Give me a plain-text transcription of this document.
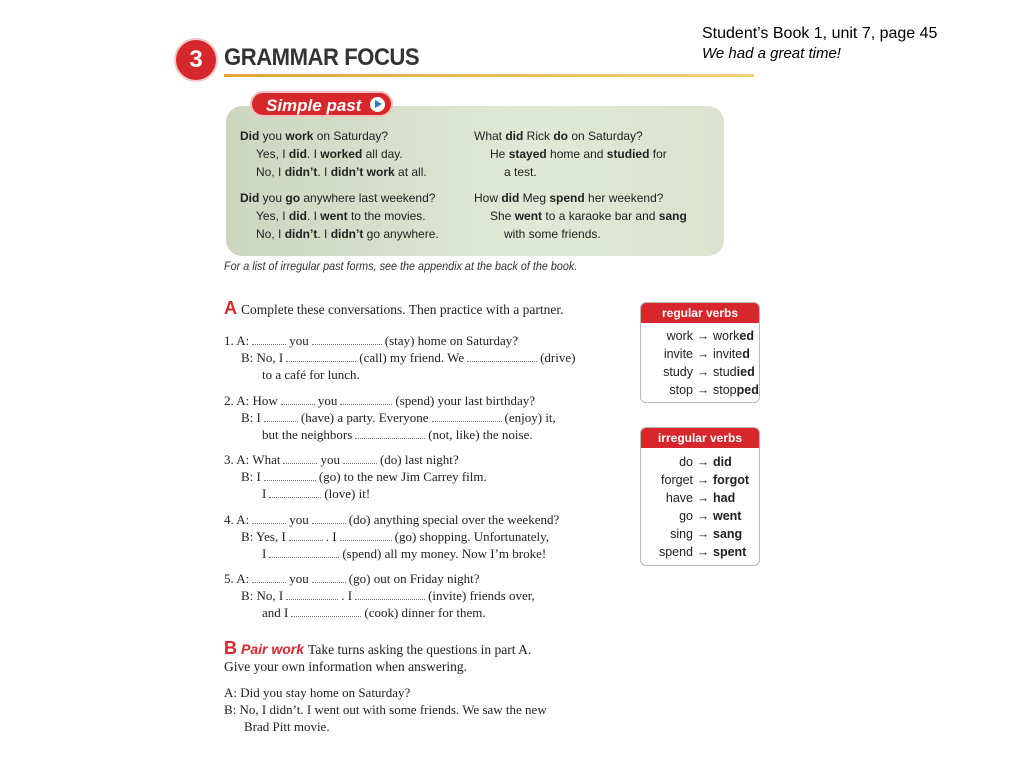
Student’s Book 1, unit 7, page 45
We had a great time!
3 GRAMMAR FOCUS
Simple past
Did you work on Saturday?
Yes, I did. I worked all day.
No, I didn’t. I didn’t work at all.
Did you go anywhere last weekend?
Yes, I did. I went to the movies.
No, I didn’t. I didn’t go anywhere.
What did Rick do on Saturday?
He stayed home and studied for
a test.
How did Meg spend her weekend?
She went to a karaoke bar and sang
with some friends.
For a list of irregular past forms, see the appendix at the back of the book.
A Complete these conversations. Then practice with a partner.
1. A:	you	(stay) home on Saturday?
B: No, I	(call) my friend. We	(drive)
to a café for lunch.
2. A: How	you	(spend) your last birthday?
B: I	(have) a party. Everyone	(enjoy) it,
but the neighbors	(not, like) the noise.
3. A: What	you	(do) last night?
B: I	(go) to the new Jim Carrey film.
I	(love) it!
4. A:	you	(do) anything special over the weekend?
B: Yes, I	. I	(go) shopping. Unfortunately,
I	(spend) all my money. Now I’m broke!
5. A:	you	(go) out on Friday night?
B: No, I	. I	(invite) friends over,
and I	(cook) dinner for them.
regular verbs
work → worked
invite → invited
study → studied
stop → stopped
irregular verbs
do → did
forget → forgot
have → had
go → went
sing → sang
spend → spent
B Pair work Take turns asking the questions in part A.
Give your own information when answering.
A: Did you stay home on Saturday?
B: No, I didn’t. I went out with some friends. We saw the new
Brad Pitt movie.
